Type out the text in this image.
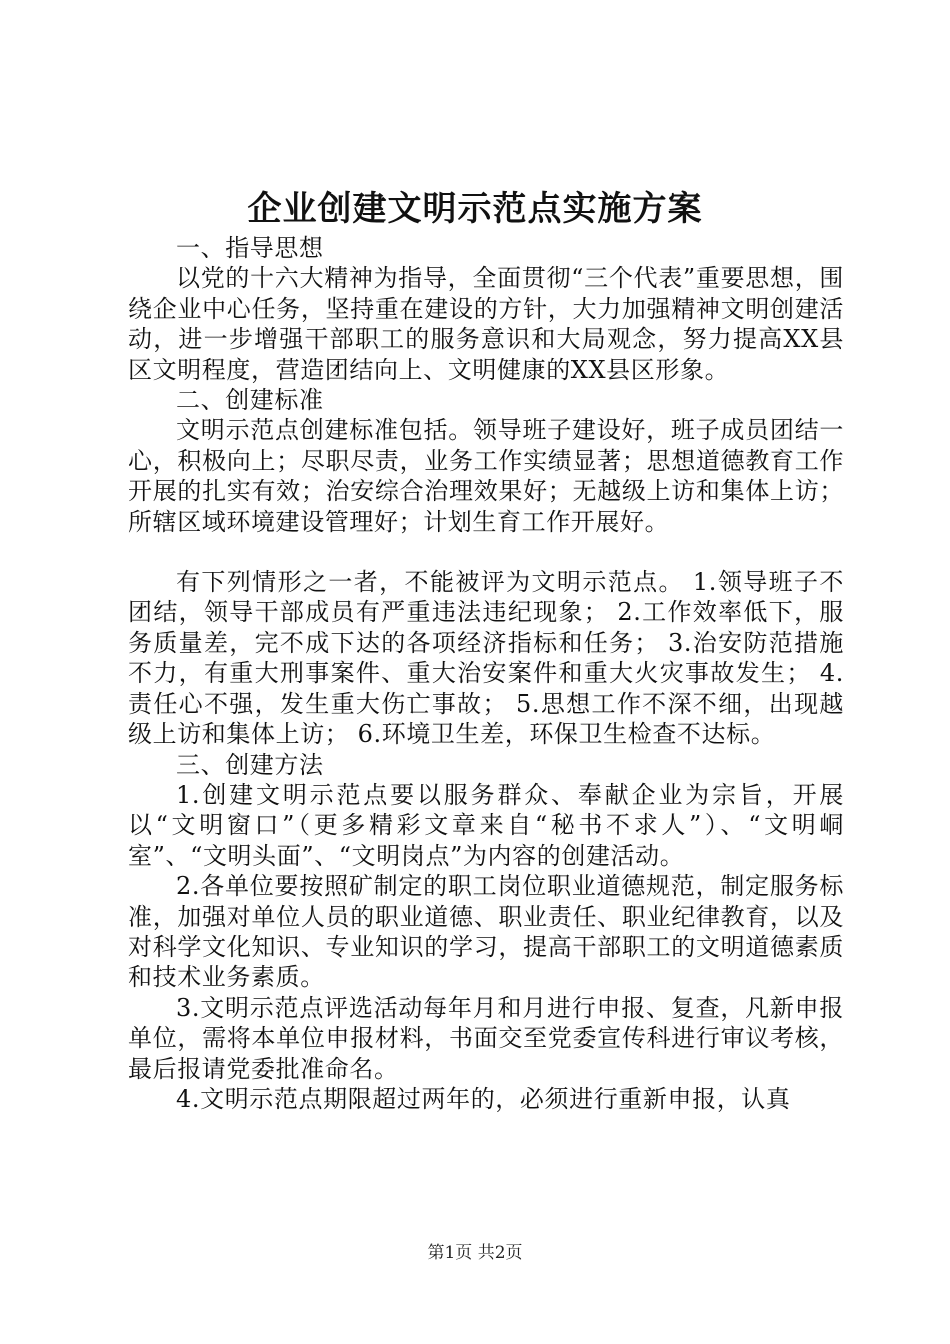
企业创建文明示范点实施方案

一、指导思想

以党的十六大精神为指导，全面贯彻“三个代表”重要思想，围绕企业中心任务，坚持重在建设的方针，大力加强精神文明创建活动，进一步增强干部职工的服务意识和大局观念，努力提高XX县区文明程度，营造团结向上、文明健康的XX县区形象。

二、创建标准

文明示范点创建标准包括。领导班子建设好，班子成员团结一心，积极向上；尽职尽责，业务工作实绩显著；思想道德教育工作开展的扎实有效；治安综合治理效果好；无越级上访和集体上访；所辖区域环境建设管理好；计划生育工作开展好。

有下列情形之一者，不能被评为文明示范点。 1.领导班子不团结，领导干部成员有严重违法违纪现象； 2.工作效率低下，服务质量差，完不成下达的各项经济指标和任务； 3.治安防范措施不力，有重大刑事案件、重大治安案件和重大火灾事故发生； 4.责任心不强，发生重大伤亡事故； 5.思想工作不深不细，出现越级上访和集体上访； 6.环境卫生差，环保卫生检查不达标。

三、创建方法

1.创建文明示范点要以服务群众、奉献企业为宗旨，开展以“文明窗口”（更多精彩文章来自“秘书不求人”）、“文明峒室”、“文明头面”、“文明岗点”为内容的创建活动。

2.各单位要按照矿制定的职工岗位职业道德规范，制定服务标准，加强对单位人员的职业道德、职业责任、职业纪律教育，以及对科学文化知识、专业知识的学习，提高干部职工的文明道德素质和技术业务素质。

3.文明示范点评选活动每年月和月进行申报、复查，凡新申报单位，需将本单位申报材料，书面交至党委宣传科进行审议考核，最后报请党委批准命名。

4.文明示范点期限超过两年的，必须进行重新申报，认真

第1页 共2页
